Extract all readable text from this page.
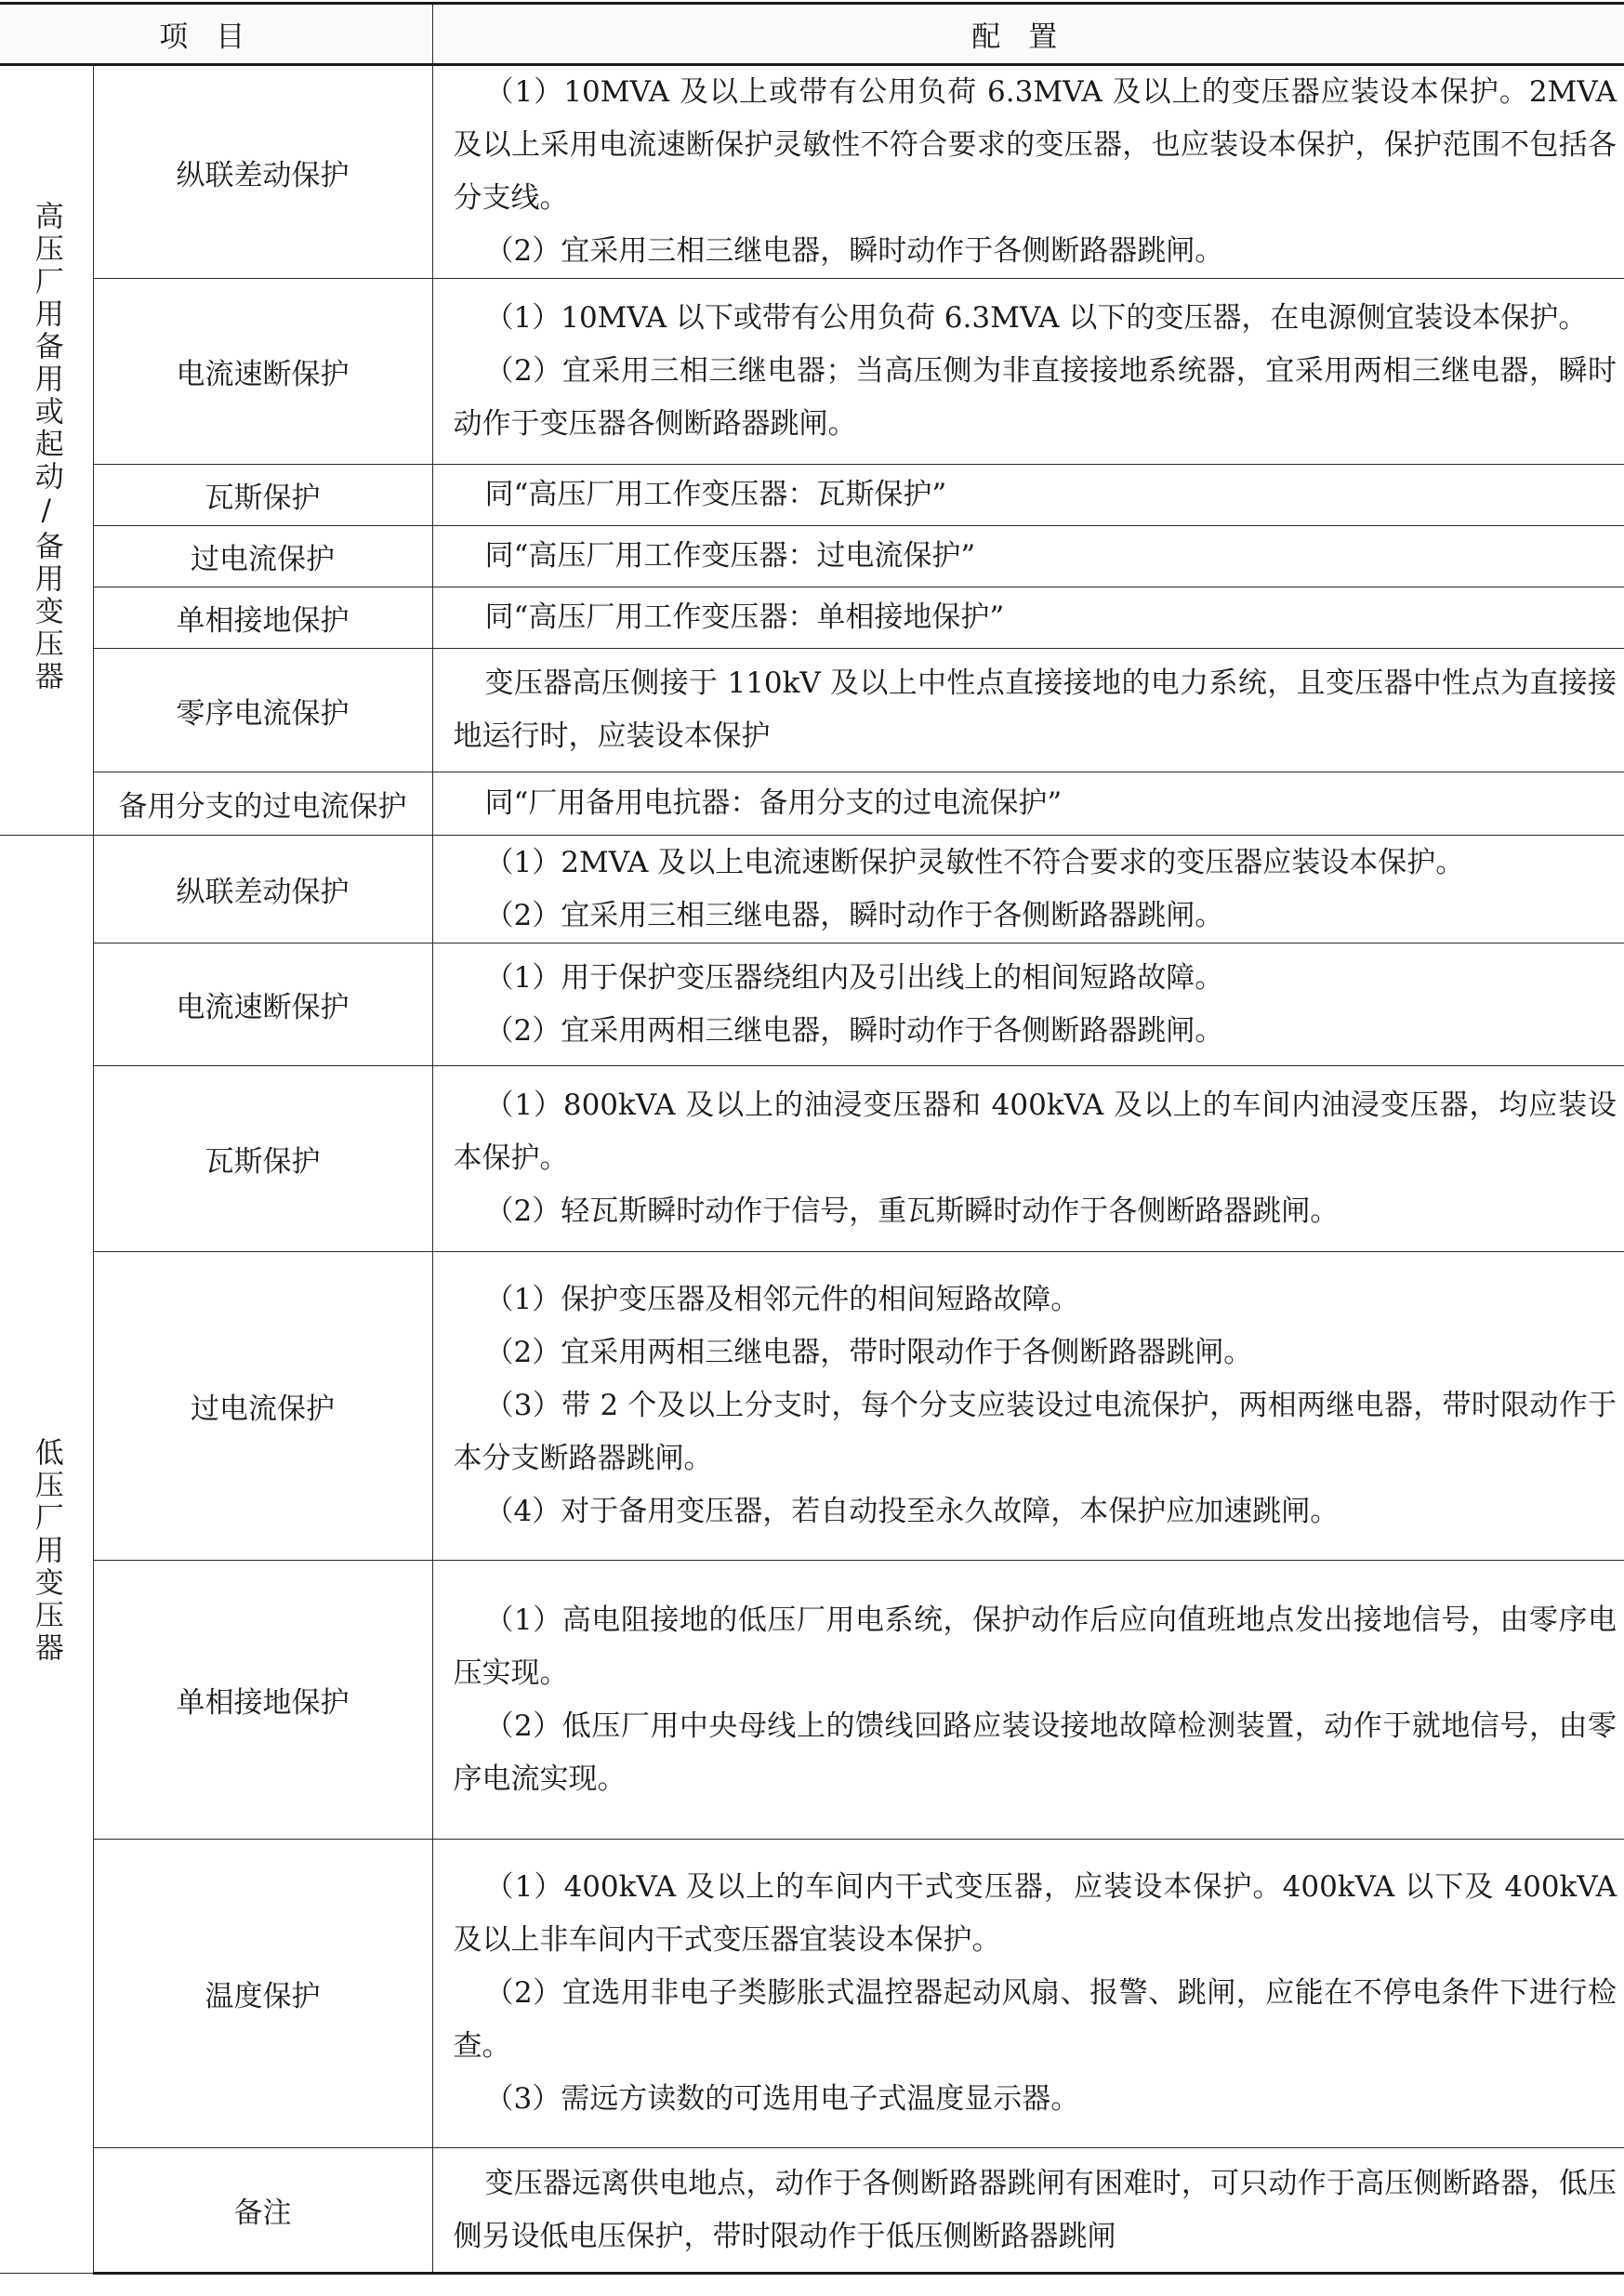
项目		配置
高压厂用备用或起动/备用变压器	纵联差动保护	（1）10MVA 及以上或带有公用负荷 6.3MVA 及以上的变压器应装设本保护。2MVA 及以上采用电流速断保护灵敏性不符合要求的变压器，也应装设本保护，保护范围不包括各分支线。

（2）宜采用三相三继电器，瞬时动作于各侧断路器跳闸。

	电流速断保护	（1）10MVA 以下或带有公用负荷 6.3MVA 以下的变压器，在电源侧宜装设本保护。

（2）宜采用三相三继电器；当高压侧为非直接接地系统器，宜采用两相三继电器，瞬时动作于变压器各侧断路器跳闸。

	瓦斯保护	同“高压厂用工作变压器：瓦斯保护”

	过电流保护	同“高压厂用工作变压器：过电流保护”

	单相接地保护	同“高压厂用工作变压器：单相接地保护”

	零序电流保护	变压器高压侧接于 110kV 及以上中性点直接接地的电力系统，且变压器中性点为直接接地运行时，应装设本保护

	备用分支的过电流保护	同“厂用备用电抗器：备用分支的过电流保护”

低压厂用变压器	纵联差动保护	（1）2MVA 及以上电流速断保护灵敏性不符合要求的变压器应装设本保护。

（2）宜采用三相三继电器，瞬时动作于各侧断路器跳闸。

	电流速断保护	（1）用于保护变压器绕组内及引出线上的相间短路故障。

（2）宜采用两相三继电器，瞬时动作于各侧断路器跳闸。

	瓦斯保护	（1）800kVA 及以上的油浸变压器和 400kVA 及以上的车间内油浸变压器，均应装设本保护。

（2）轻瓦斯瞬时动作于信号，重瓦斯瞬时动作于各侧断路器跳闸。

	过电流保护	（1）保护变压器及相邻元件的相间短路故障。

（2）宜采用两相三继电器，带时限动作于各侧断路器跳闸。

（3）带 2 个及以上分支时，每个分支应装设过电流保护，两相两继电器，带时限动作于本分支断路器跳闸。

（4）对于备用变压器，若自动投至永久故障，本保护应加速跳闸。

	单相接地保护	（1）高电阻接地的低压厂用电系统，保护动作后应向值班地点发出接地信号，由零序电压实现。

（2）低压厂用中央母线上的馈线回路应装设接地故障检测装置，动作于就地信号，由零序电流实现。

	温度保护	（1）400kVA 及以上的车间内干式变压器，应装设本保护。400kVA 以下及 400kVA 及以上非车间内干式变压器宜装设本保护。

（2）宜选用非电子类膨胀式温控器起动风扇、报警、跳闸，应能在不停电条件下进行检查。

（3）需远方读数的可选用电子式温度显示器。

	备注	变压器远离供电地点，动作于各侧断路器跳闸有困难时，可只动作于高压侧断路器，低压侧另设低电压保护，带时限动作于低压侧断路器跳闸
